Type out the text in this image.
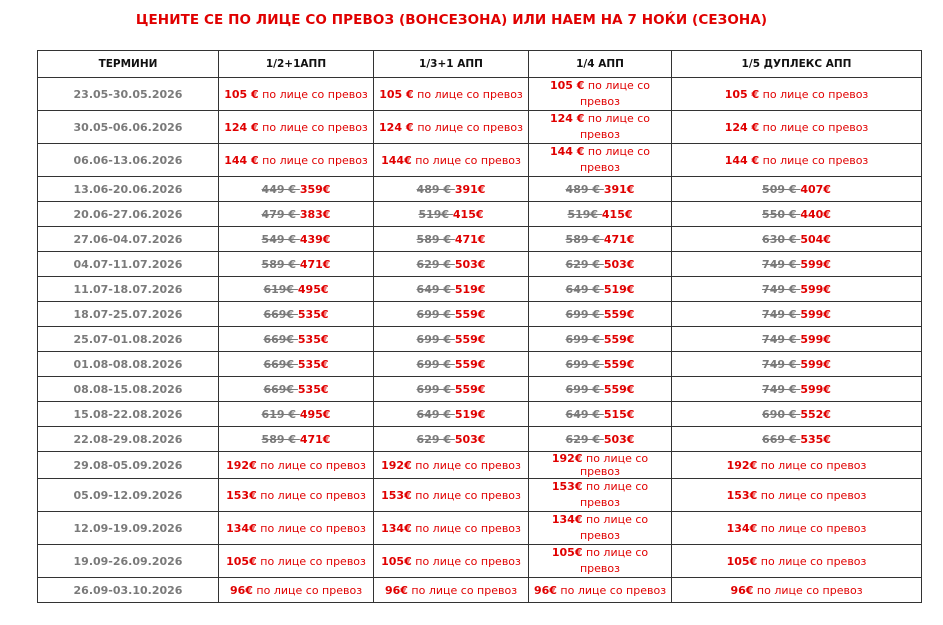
ЦЕНИТЕ СЕ ПО ЛИЦЕ СО ПРЕВОЗ (ВОНСЕЗОНА) ИЛИ НАЕМ НА 7 НОЌИ (СЕЗОНА)
ТЕРМИНИ	1/2+1АПП	1/3+1 АПП	1/4 АПП	1/5 ДУПЛЕКС АПП
23.05-30.05.2026	105 € по лице со превоз	105 € по лице со превоз	105 € по лице со превоз	105 € по лице со превоз
30.05-06.06.2026	124 € по лице со превоз	124 € по лице со превоз	124 € по лице со превоз	124 € по лице со превоз
06.06-13.06.2026	144 € по лице со превоз	144€ по лице со превоз	144 € по лице со превоз	144 € по лице со превоз
13.06-20.06.2026	449 € 359€	489 € 391€	489 € 391€	509 € 407€
20.06-27.06.2026	479 € 383€	519€ 415€	519€ 415€	550 € 440€
27.06-04.07.2026	549 € 439€	589 € 471€	589 € 471€	630 € 504€
04.07-11.07.2026	589 € 471€	629 € 503€	629 € 503€	749 € 599€
11.07-18.07.2026	619€ 495€	649 € 519€	649 € 519€	749 € 599€
18.07-25.07.2026	669€ 535€	699 € 559€	699 € 559€	749 € 599€
25.07-01.08.2026	669€ 535€	699 € 559€	699 € 559€	749 € 599€
01.08-08.08.2026	669€ 535€	699 € 559€	699 € 559€	749 € 599€
08.08-15.08.2026	669€ 535€	699 € 559€	699 € 559€	749 € 599€
15.08-22.08.2026	619 € 495€	649 € 519€	649 € 515€	690 € 552€
22.08-29.08.2026	589 € 471€	629 € 503€	629 € 503€	669 € 535€
29.08-05.09.2026	192€ по лице со превоз	192€ по лице со превоз	192€ по лице со превоз	192€ по лице со превоз
05.09-12.09.2026	153€ по лице со превоз	153€ по лице со превоз	153€ по лице со превоз	153€ по лице со превоз
12.09-19.09.2026	134€ по лице со превоз	134€ по лице со превоз	134€ по лице со превоз	134€ по лице со превоз
19.09-26.09.2026	105€ по лице со превоз	105€ по лице со превоз	105€ по лице со превоз	105€ по лице со превоз
26.09-03.10.2026	96€ по лице со превоз	96€ по лице со превоз	96€ по лице со превоз	96€ по лице со превоз
